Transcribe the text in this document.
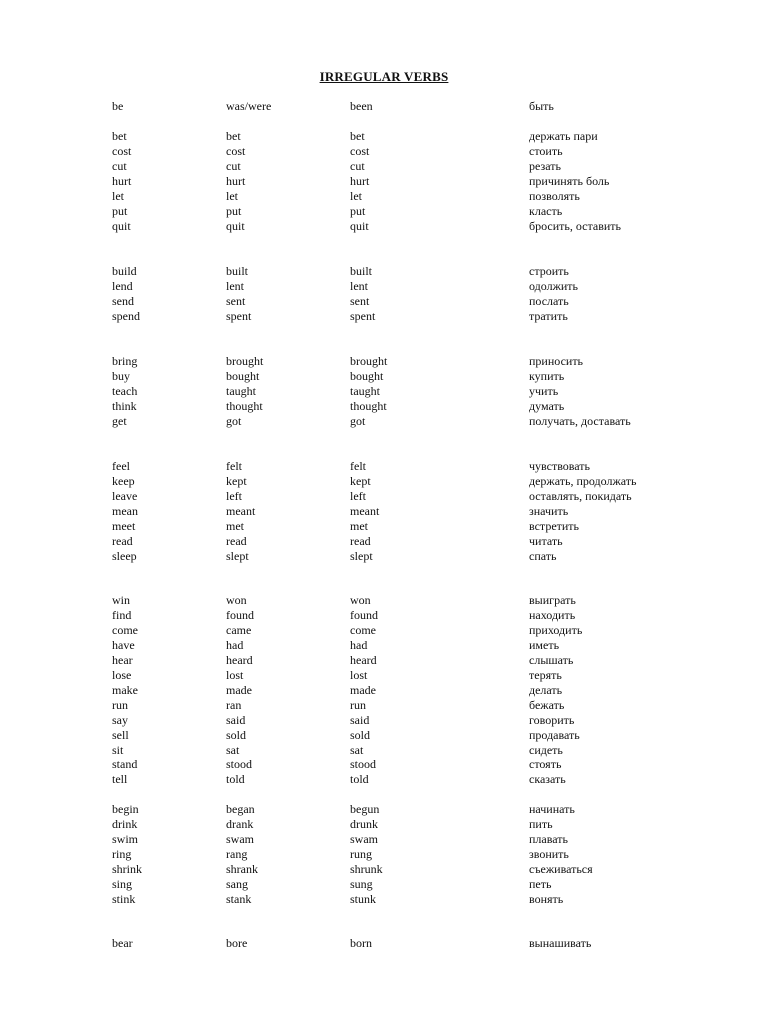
IRREGULAR VERBS
be	was/were	been	быть
bet	bet	bet	держать пари
cost	cost	cost	стоить
cut	cut	cut	резать
hurt	hurt	hurt	причинять боль
let	let	let	позволять
put	put	put	класть
quit	quit	quit	бросить, оставить
build	built	built	строить
lend	lent	lent	одолжить
send	sent	sent	послать
spend	spent	spent	тратить
bring	brought	brought	приносить
buy	bought	bought	купить
teach	taught	taught	учить
think	thought	thought	думать
get	got	got	получать, доставать
feel	felt	felt	чувствовать
keep	kept	kept	держать, продолжать
leave	left	left	оставлять, покидать
mean	meant	meant	значить
meet	met	met	встретить
read	read	read	читать
sleep	slept	slept	спать
win	won	won	выиграть
find	found	found	находить
come	came	come	приходить
have	had	had	иметь
hear	heard	heard	слышать
lose	lost	lost	терять
make	made	made	делать
run	ran	run	бежать
say	said	said	говорить
sell	sold	sold	продавать
sit	sat	sat	сидеть
stand	stood	stood	стоять
tell	told	told	сказать
begin	began	begun	начинать
drink	drank	drunk	пить
swim	swam	swam	плавать
ring	rang	rung	звонить
shrink	shrank	shrunk	съеживаться
sing	sang	sung	петь
stink	stank	stunk	вонять
bear	bore	born	вынашивать
